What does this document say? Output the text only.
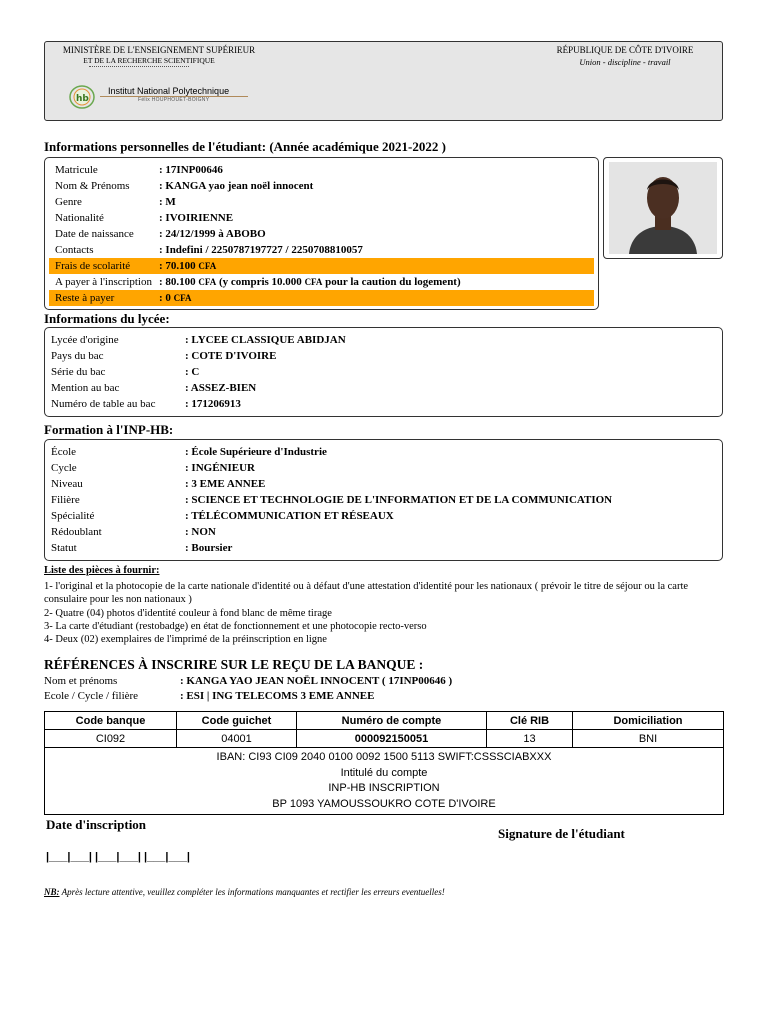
MINISTÈRE DE L'ENSEIGNEMENT SUPÉRIEUR
ET DE LA RECHERCHE SCIENTIFIQUE
RÉPUBLIQUE DE CÔTE D'IVOIRE
Union - discipline - travail
hb
Institut National Polytechnique
Félix HOUPHOUËT-BOIGNY
Informations personnelles de l'étudiant: (Année académique 2021-2022 )
Matricule	: 17INP00646
Nom & Prénoms	: KANGA yao jean noël innocent
Genre	: M
Nationalité	: IVOIRIENNE
Date de naissance : 24/12/1999 à ABOBO
Contacts	: Indefini / 2250787197727 / 2250708810057
Frais de scolarité	: 70.100 CFA
A payer à l'inscription : 80.100 CFA (y compris 10.000 CFA pour la caution du logement)
Reste à payer	: 0 CFA
Informations du lycée:
Lycée d'origine	: LYCEE CLASSIQUE ABIDJAN
Pays du bac	: COTE D'IVOIRE
Série du bac	: C
Mention au bac	: ASSEZ-BIEN
Numéro de table au bac	: 171206913
Formation à l'INP-HB:
École	: École Supérieure d'Industrie
Cycle	: INGÉNIEUR
Niveau	: 3 EME ANNEE
Filière	: SCIENCE ET TECHNOLOGIE DE L'INFORMATION ET DE LA COMMUNICATION
Spécialité	: TÉLÉCOMMUNICATION ET RÉSEAUX
Rédoublant	: NON
Statut	: Boursier
Liste des pièces à fournir:
1- l'original et la photocopie de la carte nationale d'identité ou à défaut d'une attestation d'identité pour les nationaux ( prévoir le titre de séjour ou la carte consulaire pour les non nationaux )
2- Quatre (04) photos d'identité couleur à fond blanc de même tirage
3- La carte d'étudiant (restobadge) en état de fonctionnement et une photocopie recto-verso
4- Deux (02) exemplaires de l'imprimé de la préinscription en ligne
RÉFÉRENCES À INSCRIRE SUR LE REÇU DE LA BANQUE :
Nom et prénoms	: KANGA YAO JEAN NOËL INNOCENT ( 17INP00646 )
Ecole / Cycle / filière	: ESI | ING TELECOMS 3 EME ANNEE
Code banque	Code guichet	Numéro de compte	Clé RIB	Domiciliation
CI092	04001	000092150051	13	BNI

IBAN: CI93 CI09 2040 0100 0092 1500 5113 SWIFT:CSSSCIABXXX
Intitulé du compte
INP-HB INSCRIPTION
BP 1093 YAMOUSSOUKRO COTE D'IVOIRE				
Date d'inscription
Signature de l'étudiant
|___|___| |___|___| |___|___|
NB: Après lecture attentive, veuillez compléter les informations manquantes et rectifier les erreurs eventuelles!
